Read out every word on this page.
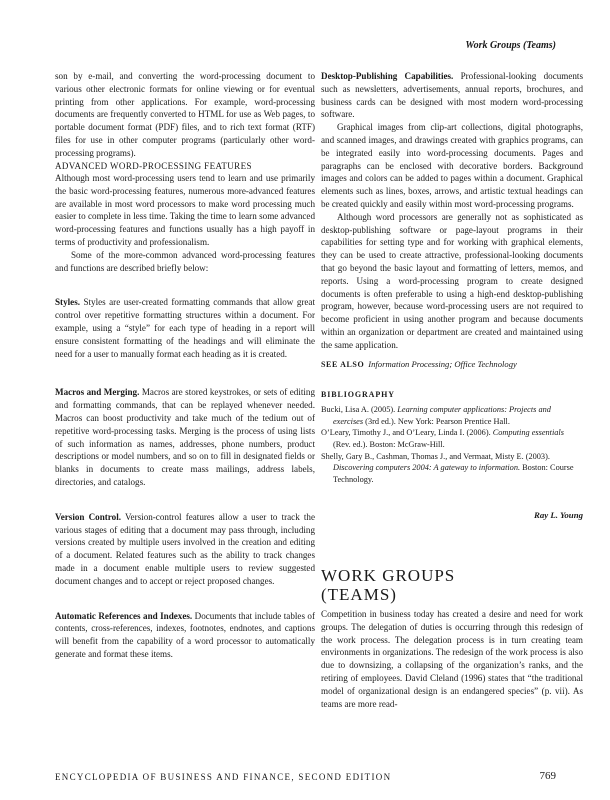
Work Groups (Teams)

son by e-mail, and converting the word-processing document to various other electronic formats for online viewing or for eventual printing from other applications. For example, word-processing documents are frequently converted to HTML for use as Web pages, to portable document format (PDF) files, and to rich text format (RTF) files for use in other computer programs (particularly other word-processing programs).

ADVANCED WORD-PROCESSING FEATURES

Although most word-processing users tend to learn and use primarily the basic word-processing features, numerous more-advanced features are available in most word processors to make word processing much easier to complete in less time. Taking the time to learn some advanced word-processing features and functions usually has a high payoff in terms of productivity and professionalism.

Some of the more-common advanced word-processing features and functions are described briefly below:

Styles. Styles are user-created formatting commands that allow great control over repetitive formatting structures within a document. For example, using a “style” for each type of heading in a report will ensure consistent formatting of the headings and will eliminate the need for a user to manually format each heading as it is created.

Macros and Merging. Macros are stored keystrokes, or sets of editing and formatting commands, that can be replayed whenever needed. Macros can boost productivity and take much of the tedium out of repetitive word-processing tasks. Merging is the process of using lists of such information as names, addresses, phone numbers, product descriptions or model numbers, and so on to fill in designated fields or blanks in documents to create mass mailings, address labels, directories, and catalogs.

Version Control. Version-control features allow a user to track the various stages of editing that a document may pass through, including versions created by multiple users involved in the creation and editing of a document. Related features such as the ability to track changes made in a document enable multiple users to review suggested document changes and to accept or reject proposed changes.

Automatic References and Indexes. Documents that include tables of contents, cross-references, indexes, footnotes, endnotes, and captions will benefit from the capability of a word processor to automatically generate and format these items.

Desktop-Publishing Capabilities. Professional-looking documents such as newsletters, advertisements, annual reports, brochures, and business cards can be designed with most modern word-processing software.

Graphical images from clip-art collections, digital photographs, and scanned images, and drawings created with graphics programs, can be integrated easily into word-processing documents. Pages and paragraphs can be enclosed with decorative borders. Background images and colors can be added to pages within a document. Graphical elements such as lines, boxes, arrows, and artistic textual headings can be created quickly and easily within most word-processing programs.

Although word processors are generally not as sophisticated as desktop-publishing software or page-layout programs in their capabilities for setting type and for working with graphical elements, they can be used to create attractive, professional-looking documents that go beyond the basic layout and formatting of letters, memos, and reports. Using a word-processing program to create designed documents is often preferable to using a high-end desktop-publishing program, however, because word-processing users are not required to become proficient in using another program and because documents within an organization or department are created and maintained using the same application.

SEE ALSO Information Processing; Office Technology
BIBLIOGRAPHY
Bucki, Lisa A. (2005). Learning computer applications: Projects and exercises (3rd ed.). New York: Pearson Prentice Hall.
O’Leary, Timothy J., and O’Leary, Linda I. (2006). Computing essentials (Rev. ed.). Boston: McGraw-Hill.
Shelly, Gary B., Cashman, Thomas J., and Vermaat, Misty E. (2003). Discovering computers 2004: A gateway to information. Boston: Course Technology.
Ray L. Young
WORK GROUPS
(TEAMS)

Competition in business today has created a desire and need for work groups. The delegation of duties is occurring through this redesign of the work process. The delegation process is in turn creating team environments in organizations. The redesign of the work process is also due to downsizing, a collapsing of the organization’s ranks, and the retiring of employees. David Cleland (1996) states that “the traditional model of organizational design is an endangered species” (p. vii). As teams are more read-

ENCYCLOPEDIA OF BUSINESS AND FINANCE, SECOND EDITION	769
